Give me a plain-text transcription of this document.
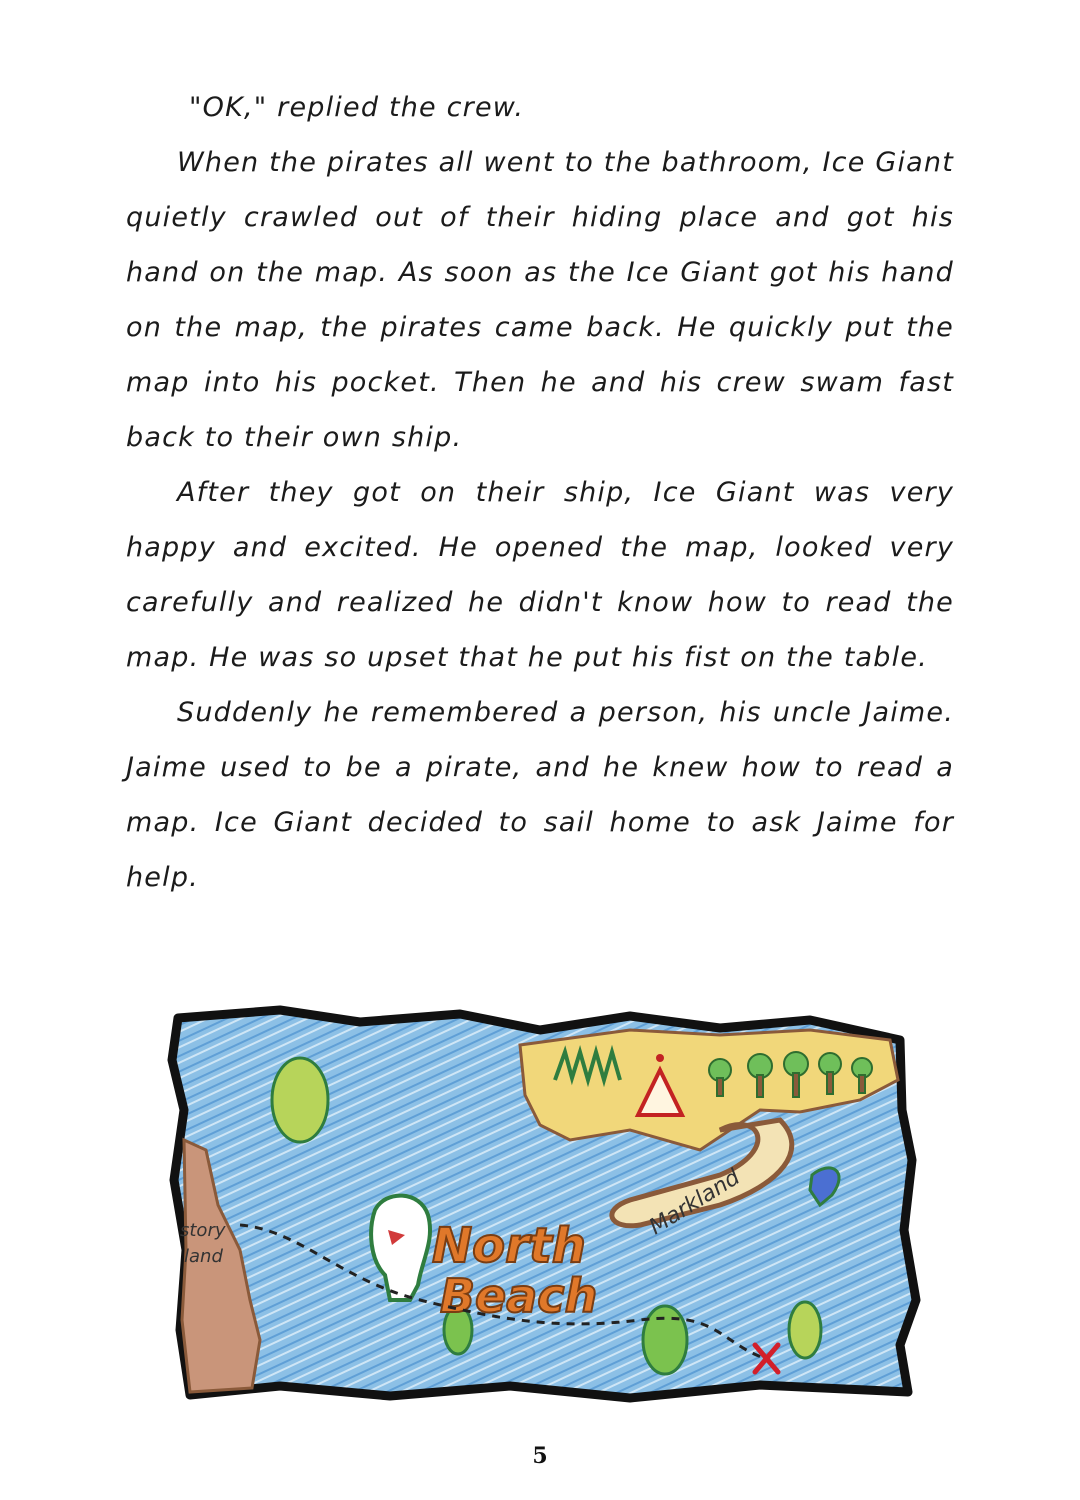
"OK," replied the crew.

When the pirates all went to the bathroom, Ice Giant quietly crawled out of their hiding place and got his hand on the map. As soon as the Ice Giant got his hand on the map, the pirates came back. He quickly put the map into his pocket. Then he and his crew swam fast back to their own ship.

After they got on their ship, Ice Giant was very happy and excited. He opened the map, looked very carefully and realized he didn't know how to read the map. He was so upset that he put his fist on the table.

Suddenly he remembered a person, his uncle Jaime. Jaime used to be a pirate, and he knew how to read a map. Ice Giant decided to sail home to ask Jaime for help.

story
land
Markland
North
Beach
5
